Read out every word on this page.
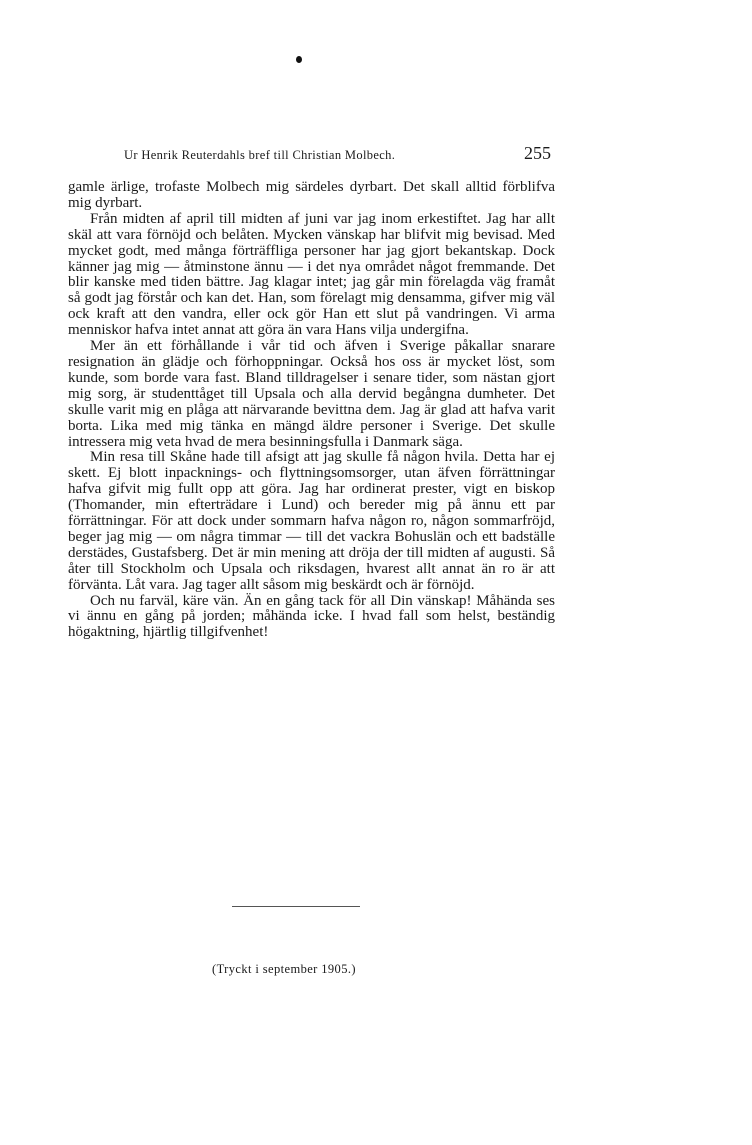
Ur Henrik Reuterdahls bref till Christian Molbech.	255

gamle ärlige, trofaste Molbech mig särdeles dyrbart. Det skall alltid förblifva mig dyrbart.

Från midten af april till midten af juni var jag inom erkestiftet. Jag har allt skäl att vara förnöjd och belåten. Mycken vänskap har blifvit mig bevisad. Med mycket godt, med många förträffliga personer har jag gjort bekantskap. Dock känner jag mig — åtminstone ännu — i det nya området något fremmande. Det blir kanske med tiden bättre. Jag klagar intet; jag går min förelagda väg framåt så godt jag förstår och kan det. Han, som förelagt mig densamma, gifver mig väl ock kraft att den vandra, eller ock gör Han ett slut på vandringen. Vi arma menniskor hafva intet annat att göra än vara Hans vilja undergifna.

Mer än ett förhållande i vår tid och äfven i Sverige påkallar snarare resignation än glädje och förhoppningar. Också hos oss är mycket löst, som kunde, som borde vara fast. Bland tilldragelser i senare tider, som nästan gjort mig sorg, är studenttåget till Upsala och alla dervid begångna dumheter. Det skulle varit mig en plåga att närvarande bevittna dem. Jag är glad att hafva varit borta. Lika med mig tänka en mängd äldre personer i Sverige. Det skulle intressera mig veta hvad de mera besinningsfulla i Danmark säga.

Min resa till Skåne hade till afsigt att jag skulle få någon hvila. Detta har ej skett. Ej blott inpacknings- och flyttningsomsorger, utan äfven förrättningar hafva gifvit mig fullt opp att göra. Jag har ordinerat prester, vigt en biskop (Thomander, min efterträdare i Lund) och bereder mig på ännu ett par förrättningar. För att dock under sommarn hafva någon ro, någon sommarfröjd, beger jag mig — om några timmar — till det vackra Bohuslän och ett badställe derstädes, Gustafsberg. Det är min mening att dröja der till midten af augusti. Så åter till Stockholm och Upsala och riksdagen, hvarest allt annat än ro är att förvänta. Låt vara. Jag tager allt såsom mig beskärdt och är förnöjd.

Och nu farväl, käre vän. Än en gång tack för all Din vänskap! Måhända ses vi ännu en gång på jorden; måhända icke. I hvad fall som helst, beständig högaktning, hjärtlig tillgifvenhet!

(Tryckt i september 1905.)
